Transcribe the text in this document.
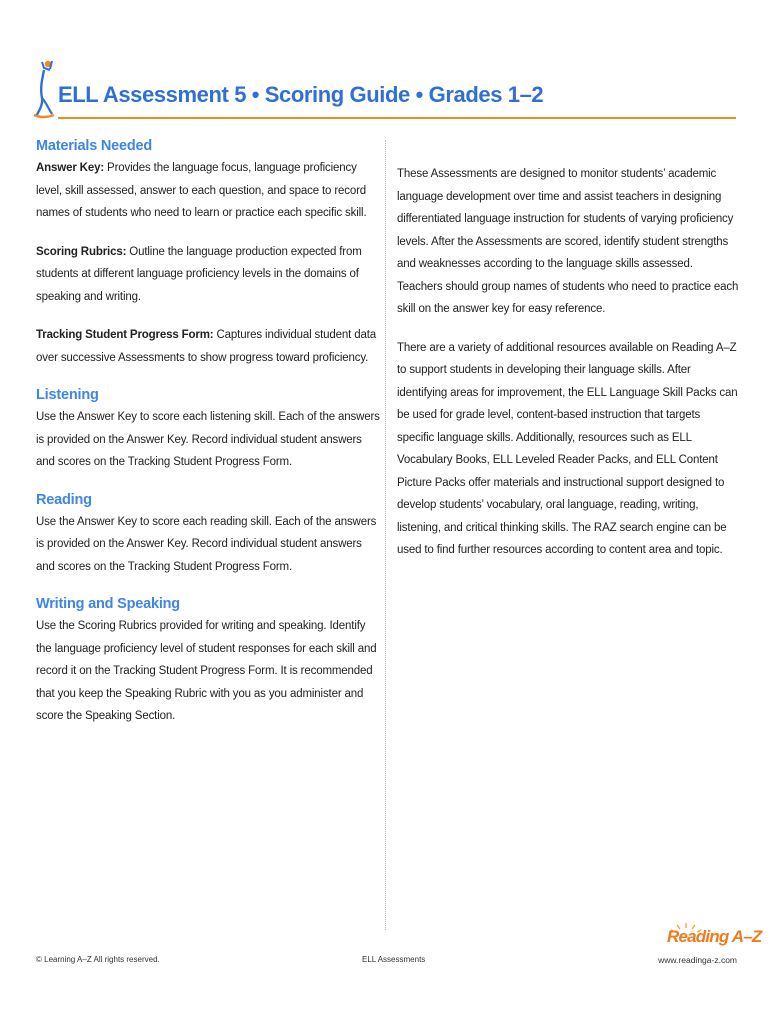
ELL Assessment 5 • Scoring Guide • Grades 1–2
Materials Needed

Answer Key: Provides the language focus, language proficiency level, skill assessed, answer to each question, and space to record names of students who need to learn or practice each specific skill.

Scoring Rubrics: Outline the language production expected from students at different language proficiency levels in the domains of speaking and writing.

Tracking Student Progress Form: Captures individual student data over successive Assessments to show progress toward proficiency.

Listening

Use the Answer Key to score each listening skill. Each of the answers is provided on the Answer Key. Record individual student answers and scores on the Tracking Student Progress Form.

Reading

Use the Answer Key to score each reading skill. Each of the answers is provided on the Answer Key. Record individual student answers and scores on the Tracking Student Progress Form.

Writing and Speaking

Use the Scoring Rubrics provided for writing and speaking. Identify the language proficiency level of student responses for each skill and record it on the Tracking Student Progress Form. It is recommended that you keep the Speaking Rubric with you as you administer and score the Speaking Section.

These Assessments are designed to monitor students’ academic language development over time and assist teachers in designing differentiated language instruction for students of varying proficiency levels. After the Assessments are scored, identify student strengths and weaknesses according to the language skills assessed. Teachers should group names of students who need to practice each skill on the answer key for easy reference.

There are a variety of additional resources available on Reading A–Z to support students in developing their language skills. After identifying areas for improvement, the ELL Language Skill Packs can be used for grade level, content-based instruction that targets specific language skills. Additionally, resources such as ELL Vocabulary Books, ELL Leveled Reader Packs, and ELL Content Picture Packs offer materials and instructional support designed to develop students’ vocabulary, oral language, reading, writing, listening, and critical thinking skills. The RAZ search engine can be used to find further resources according to content area and topic.

© Learning A–Z All rights reserved.	ELL Assessments
Reading A–Z
www.readinga-z.com
